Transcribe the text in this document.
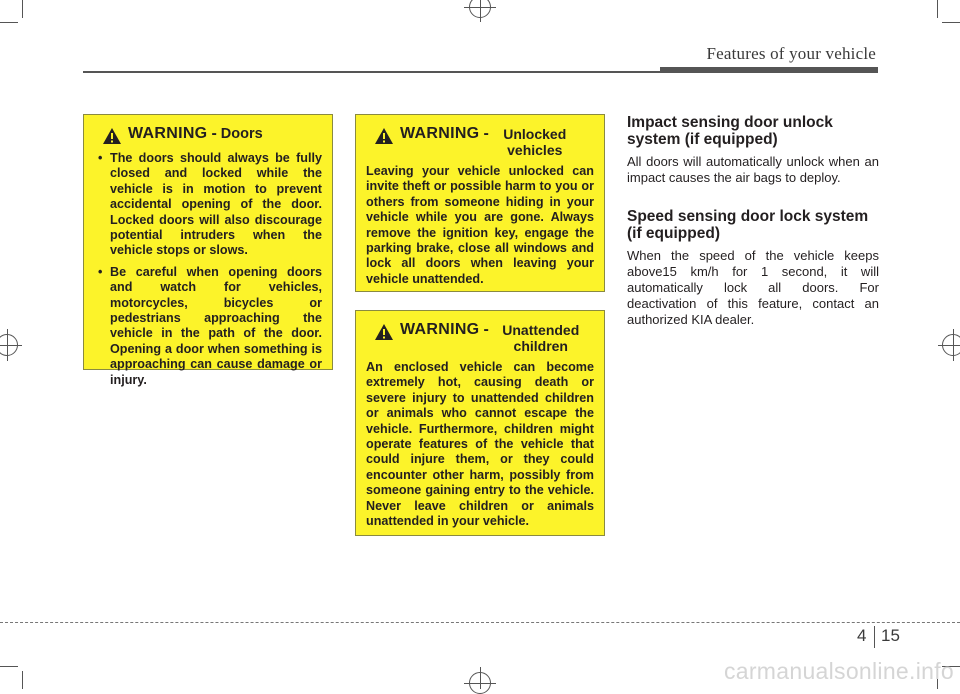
Features of your vehicle
WARNING - Doors
• The doors should always be fully closed and locked while the vehicle is in motion to prevent accidental opening of the door. Locked doors will also discourage potential intruders when the vehicle stops or slows.
• Be careful when opening doors and watch for vehicles, motorcycles, bicycles or pedestrians approaching the vehicle in the path of the door. Opening a door when something is approaching can cause damage or injury.
WARNING -	Unlocked vehicles

Leaving your vehicle unlocked can invite theft or possible harm to you or others from someone hiding in your vehicle while you are gone. Always remove the ignition key, engage the parking brake, close all windows and lock all doors when leaving your vehicle unattended.

WARNING - Unattended children

An enclosed vehicle can become extremely hot, causing death or severe injury to unattended children or animals who cannot escape the vehicle. Furthermore, children might operate features of the vehicle that could injure them, or they could encounter other harm, possibly from someone gaining entry to the vehicle. Never leave children or animals unattended in your vehicle.

Impact sensing door unlock system (if equipped)

All doors will automatically unlock when an impact causes the air bags to deploy.

Speed sensing door lock system (if equipped)

When the speed of the vehicle keeps above15 km/h for 1 second, it will automatically lock all doors. For deactivation of this feature, contact an authorized KIA dealer.

4 15
carmanualsonline.info
